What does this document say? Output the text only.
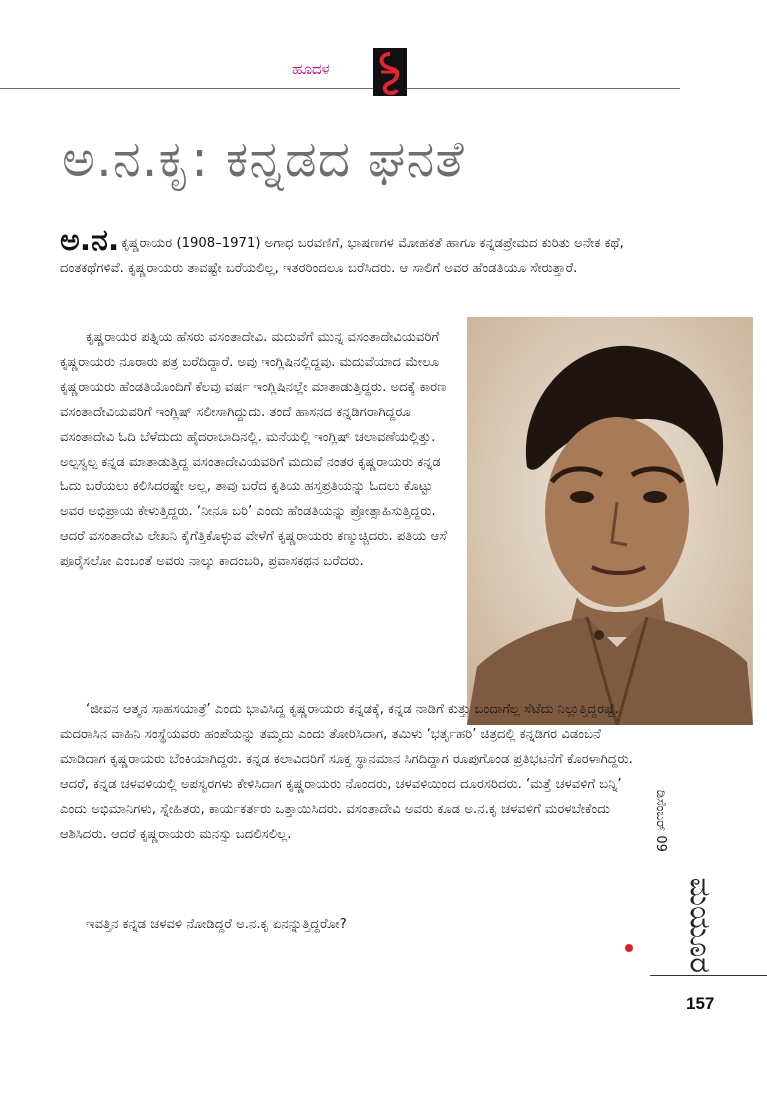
ಹೂದಳ
ಅ.ನ.ಕೃ: ಕನ್ನಡದ ಘನತೆ
ಅ.ನ. ಕೃಷ್ಣರಾಯರ (1908–1971) ಅಗಾಧ ಬರವಣಿಗೆ, ಭಾಷಣಗಳ ಮೋಹಕತೆ ಹಾಗೂ ಕನ್ನಡಪ್ರೇಮದ ಕುರಿತು ಅನೇಕ ಕಥೆ, ದಂತಕಥೆಗಳಿವೆ. ಕೃಷ್ಣರಾಯರು ತಾವಷ್ಟೇ ಬರೆಯಲಿಲ್ಲ, ಇತರರಿಂದಲೂ ಬರೆಸಿದರು. ಆ ಸಾಲಿಗೆ ಅವರ ಹೆಂಡತಿಯೂ ಸೇರುತ್ತಾರೆ.
ಕೃಷ್ಣರಾಯರ ಪತ್ನಿಯ ಹೆಸರು ವಸಂತಾದೇವಿ. ಮದುವೆಗೆ ಮುನ್ನ ವಸಂತಾದೇವಿಯವರಿಗೆ ಕೃಷ್ಣರಾಯರು ನೂರಾರು ಪತ್ರ ಬರೆದಿದ್ದಾರೆ. ಅವು ಇಂಗ್ಲಿಷಿನಲ್ಲಿದ್ದವು. ಮದುವೆಯಾದ ಮೇಲೂ ಕೃಷ್ಣರಾಯರು ಹೆಂಡತಿಯೊಂದಿಗೆ ಕೆಲವು ವರ್ಷ ಇಂಗ್ಲಿಷಿನಲ್ಲೇ ಮಾತಾಡುತ್ತಿದ್ದರು. ಅದಕ್ಕೆ ಕಾರಣ ವಸಂತಾದೇವಿಯವರಿಗೆ ಇಂಗ್ಲಿಷ್ ಸಲೀಸಾಗಿದ್ದುದು. ತಂದೆ ಹಾಸನದ ಕನ್ನಡಿಗರಾಗಿದ್ದರೂ ವಸಂತಾದೇವಿ ಓದಿ ಬೆಳೆದುದು ಹೈದರಾಬಾದಿನಲ್ಲಿ. ಮನೆಯಲ್ಲಿ ಇಂಗ್ಲಿಷ್ ಚಲಾವಣೆಯಲ್ಲಿತ್ತು. ಅಲ್ಪಸ್ವಲ್ಪ ಕನ್ನಡ ಮಾತಾಡುತ್ತಿದ್ದ ವಸಂತಾದೇವಿಯವರಿಗೆ ಮದುವೆ ನಂತರ ಕೃಷ್ಣರಾಯರು ಕನ್ನಡ ಓದು ಬರೆಯಲು ಕಲಿಸಿದರಷ್ಟೇ ಅಲ್ಲ, ತಾವು ಬರೆದ ಕೃತಿಯ ಹಸ್ತಪ್ರತಿಯನ್ನು ಓದಲು ಕೊಟ್ಟು ಅವರ ಅಭಿಪ್ರಾಯ ಕೇಳುತ್ತಿದ್ದರು. ‘ನೀನೂ ಬರಿ’ ಎಂದು ಹೆಂಡತಿಯನ್ನು ಪ್ರೋತ್ಸಾಹಿಸುತ್ತಿದ್ದರು. ಆದರೆ ವಸಂತಾದೇವಿ ಲೇಖನಿ ಕೈಗೆತ್ತಿಕೊಳ್ಳುವ ವೇಳೆಗೆ ಕೃಷ್ಣರಾಯರು ಕಣ್ಮುಚ್ಚಿದರು. ಪತಿಯ ಆಸೆ ಪೂರೈಸಲೋ ಎಂಬಂತೆ ಅವರು ನಾಲ್ಕು ಕಾದಂಬರಿ, ಪ್ರವಾಸಕಥನ ಬರೆದರು.
‘ಜೀವನ ಆತ್ಮನ ಸಾಹಸಯಾತ್ರೆ’ ಎಂದು ಭಾವಿಸಿದ್ದ ಕೃಷ್ಣರಾಯರು ಕನ್ನಡಕ್ಕೆ, ಕನ್ನಡ ನಾಡಿಗೆ ಕುತ್ತು ಬಂದಾಗೆಲ್ಲ ಸೆಟೆದು ನಿಲ್ಲುತ್ತಿದ್ದರಷ್ಟೆ. ಮದರಾಸಿನ ವಾಹಿನಿ ಸಂಸ್ಥೆಯವರು ಹಂಪೆಯನ್ನು ತಮ್ಮದು ಎಂದು ತೋರಿಸಿದಾಗ, ತಮಿಳು ‘ಭರ್ತೃಹರಿ’ ಚಿತ್ರದಲ್ಲಿ ಕನ್ನಡಿಗರ ವಿಡಂಬನೆ ಮಾಡಿದಾಗ ಕೃಷ್ಣರಾಯರು ಬೆಂಕಿಯಾಗಿದ್ದರು. ಕನ್ನಡ ಕಲಾವಿದರಿಗೆ ಸೂಕ್ತ ಸ್ಥಾನಮಾನ ಸಿಗದಿದ್ದಾಗ ರೂಪುಗೊಂಡ ಪ್ರತಿಭಟನೆಗೆ ಕೊರಳಾಗಿದ್ದರು. ಆದರೆ, ಕನ್ನಡ ಚಳವಳಿಯಲ್ಲಿ ಅಪಸ್ವರಗಳು ಕೇಳಿಸಿದಾಗ ಕೃಷ್ಣರಾಯರು ನೊಂದರು, ಚಳವಳಿಯಿಂದ ದೂರಸರಿದರು. ‘ಮತ್ತೆ ಚಳವಳಿಗೆ ಬನ್ನಿ’ ಎಂದು ಅಭಿಮಾನಿಗಳು, ಸ್ನೇಹಿತರು, ಕಾರ್ಯಕರ್ತರು ಒತ್ತಾಯಿಸಿದರು. ವಸಂತಾದೇವಿ ಅವರು ಕೂಡ ಅ.ನ.ಕೃ ಚಳವಳಿಗೆ ಮರಳಬೇಕೆಂದು ಆಶಿಸಿದರು. ಆದರೆ ಕೃಷ್ಣರಾಯರು ಮನಸ್ಸು ಬದಲಿಸಲಿಲ್ಲ.
ಇವತ್ತಿನ ಕನ್ನಡ ಚಳವಳಿ ನೋಡಿದ್ದರೆ ಅ.ನ.ಕೃ ಏನನ್ನುತ್ತಿದ್ದರೋ?
ಡಿಸೆಂಬರ್ 09
ಮಯೂರ
157
